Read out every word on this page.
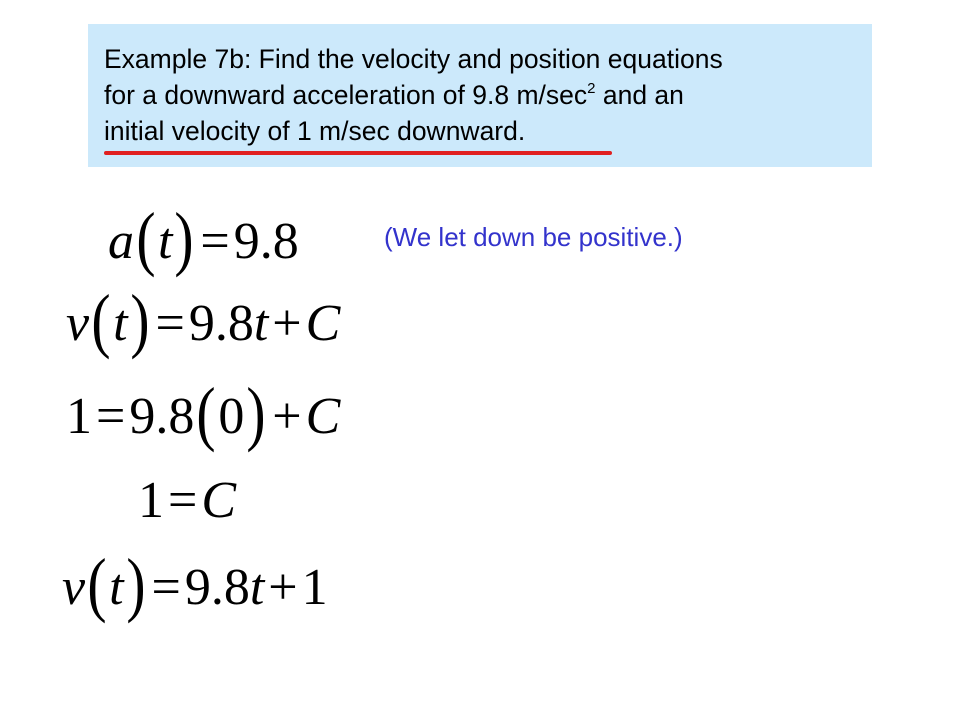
Example 7b: Find the velocity and position equations
for a downward acceleration of 9.8 $m/\sec^2$ and an
initial velocity of 1 m/sec downward.
(We let down be positive.)
a(t) =9.8
v(t) =9.8t+C
1=9.8(0) +C
1=C
v(t) =9.8t+1
